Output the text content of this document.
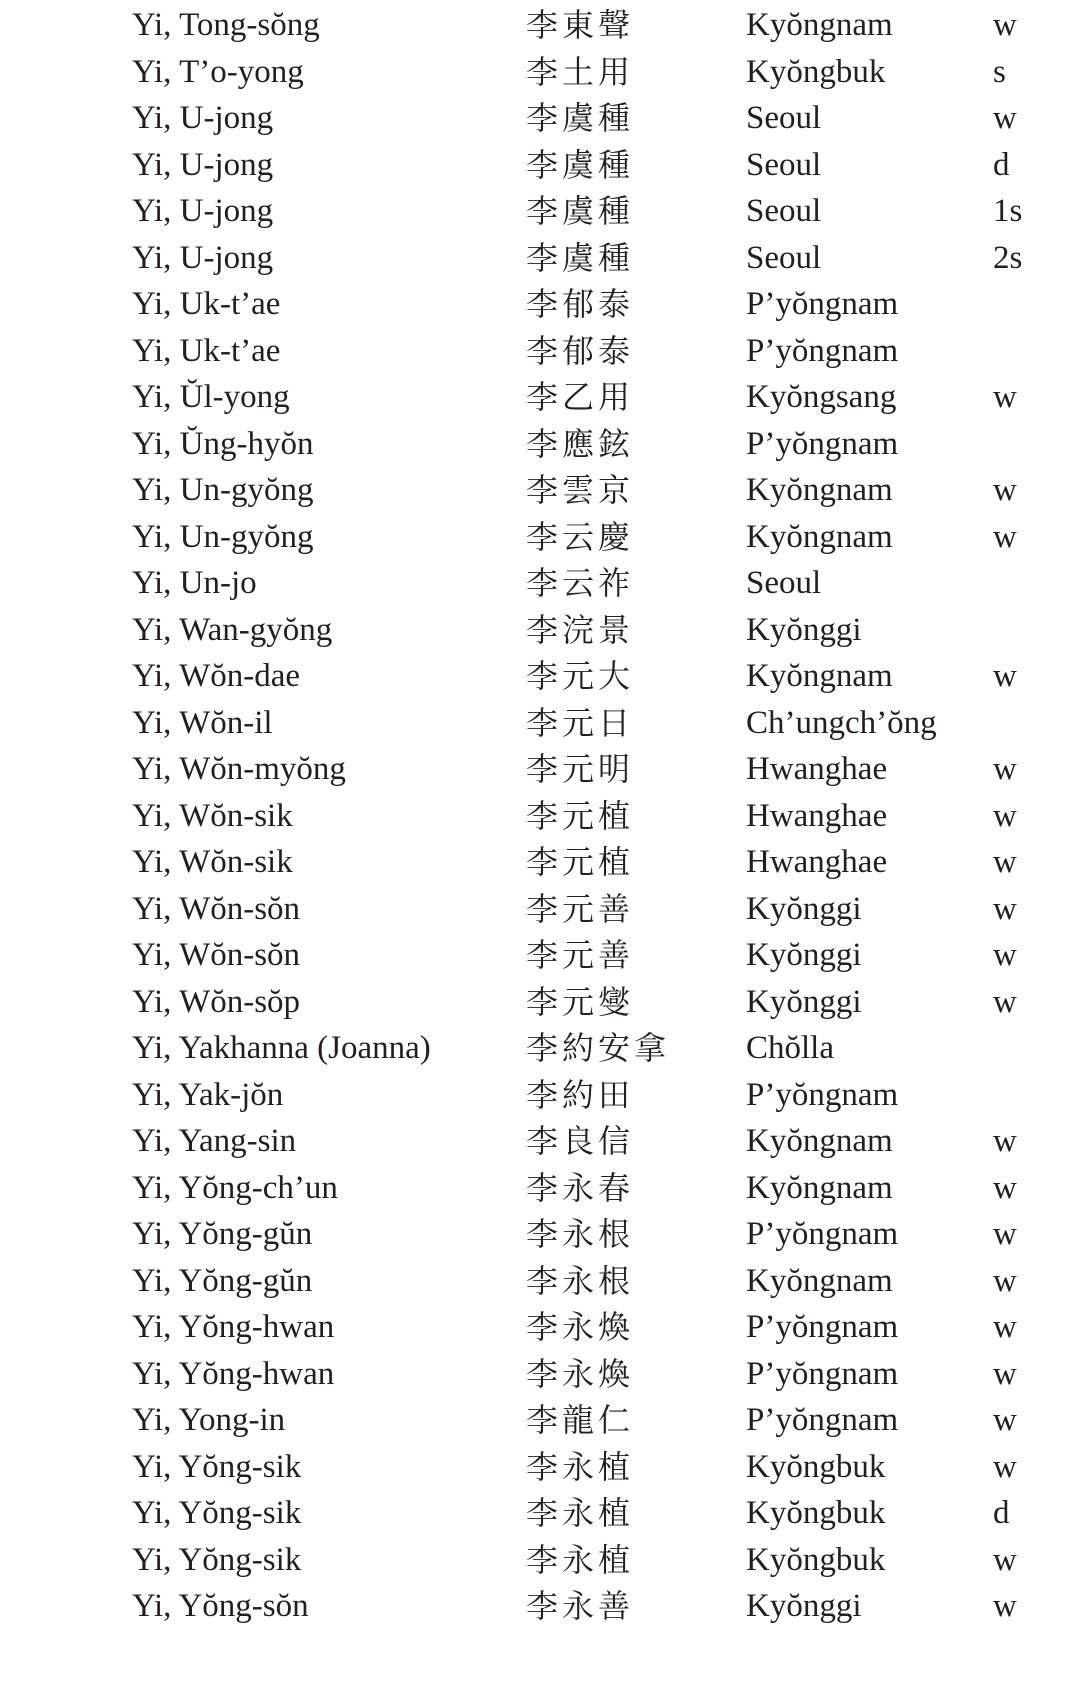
Yi, Tong-sŏng	李東聲	Kyŏngnam	w
Yi, T’o-yong	李土用	Kyŏngbuk	s
Yi, U-jong	李虞種	Seoul	w
Yi, U-jong	李虞種	Seoul	d
Yi, U-jong	李虞種	Seoul	1s
Yi, U-jong	李虞種	Seoul	2s
Yi, Uk-t’ae	李郁泰	P’yŏngnam
Yi, Uk-t’ae	李郁泰	P’yŏngnam
Yi, Ŭl-yong	李乙用	Kyŏngsang	w
Yi, Ŭng-hyŏn	李應鉉	P’yŏngnam
Yi, Un-gyŏng	李雲京	Kyŏngnam	w
Yi, Un-gyŏng	李云慶	Kyŏngnam	w
Yi, Un-jo	李云祚	Seoul
Yi, Wan-gyŏng	李浣景	Kyŏnggi
Yi, Wŏn-dae	李元大	Kyŏngnam	w
Yi, Wŏn-il	李元日	Ch’ungch’ŏng
Yi, Wŏn-myŏng	李元明	Hwanghae	w
Yi, Wŏn-sik	李元植	Hwanghae	w
Yi, Wŏn-sik	李元植	Hwanghae	w
Yi, Wŏn-sŏn	李元善	Kyŏnggi	w
Yi, Wŏn-sŏn	李元善	Kyŏnggi	w
Yi, Wŏn-sŏp	李元燮	Kyŏnggi	w
Yi, Yakhanna (Joanna)	李約安拿 Chŏlla
Yi, Yak-jŏn	李約田	P’yŏngnam
Yi, Yang-sin	李良信	Kyŏngnam	w
Yi, Yŏng-ch’un	李永春	Kyŏngnam	w
Yi, Yŏng-gŭn	李永根	P’yŏngnam	w
Yi, Yŏng-gŭn	李永根	Kyŏngnam	w
Yi, Yŏng-hwan	李永煥	P’yŏngnam	w
Yi, Yŏng-hwan	李永煥	P’yŏngnam	w
Yi, Yong-in	李龍仁	P’yŏngnam	w
Yi, Yŏng-sik	李永植	Kyŏngbuk	w
Yi, Yŏng-sik	李永植	Kyŏngbuk	d
Yi, Yŏng-sik	李永植	Kyŏngbuk	w
Yi, Yŏng-sŏn	李永善	Kyŏnggi	w
